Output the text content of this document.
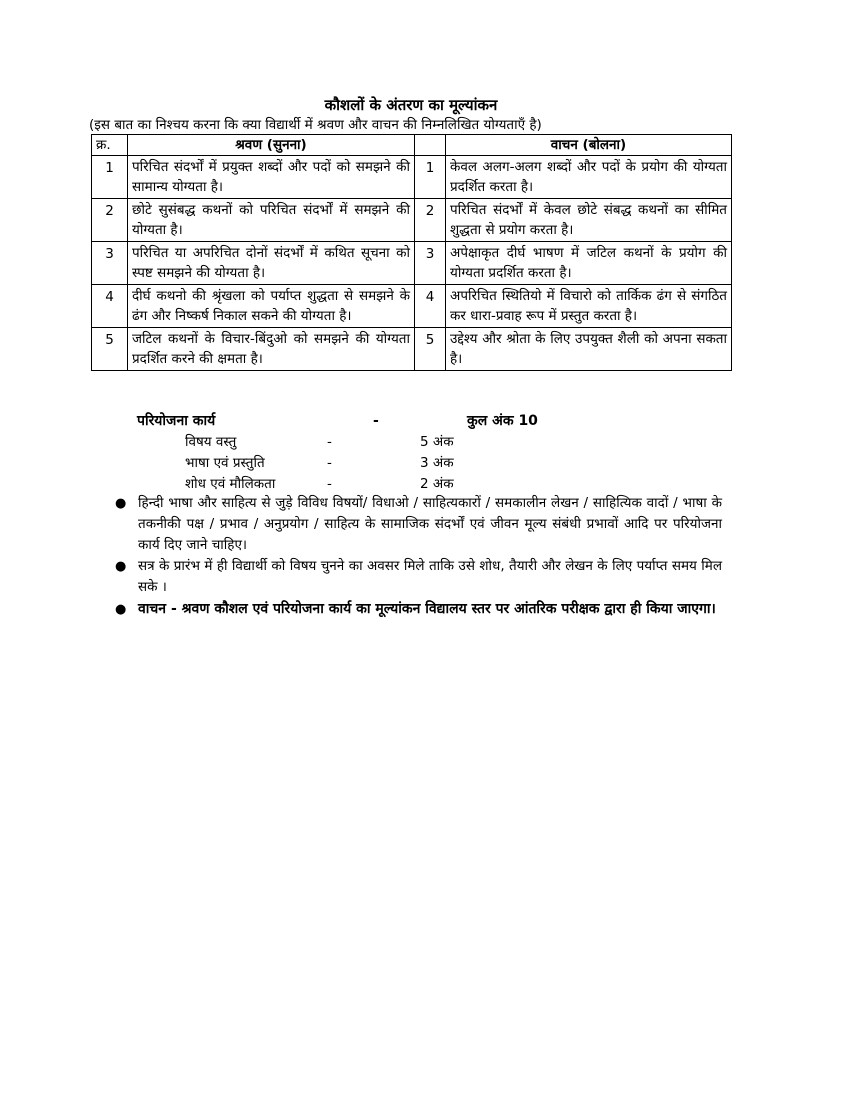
कौशलों के अंतरण का मूल्यांकन

(इस बात का निश्चय करना कि क्या विद्यार्थी में श्रवण और वाचन की निम्नलिखित योग्यताएँ है)

क्र.	श्रवण (सुनना)		वाचन (बोलना)
1	परिचित संदर्भों में प्रयुक्त शब्दों और पदों को समझने की सामान्य योग्यता है।	1	केवल अलग-अलग शब्दों और पदों के प्रयोग की योग्यता प्रदर्शित करता है।
2	छोटे सुसंबद्ध कथनों को परिचित संदर्भों में समझने की योग्यता है।	2	परिचित संदर्भों में केवल छोटे संबद्ध कथनों का सीमित शुद्धता से प्रयोग करता है।
3	परिचित या अपरिचित दोनों संदर्भों में कथित सूचना को स्पष्ट समझने की योग्यता है।	3	अपेक्षाकृत दीर्घ भाषण में जटिल कथनों के प्रयोग की योग्यता प्रदर्शित करता है।
4	दीर्घ कथनो की श्रृंखला को पर्याप्त शुद्धता से समझने के ढंग और निष्कर्ष निकाल सकने की योग्यता है।	4	अपरिचित स्थितियो में विचारो को तार्किक ढंग से संगठित कर धारा-प्रवाह रूप में प्रस्तुत करता है।
5	जटिल कथनों के विचार-बिंदुओ को समझने की योग्यता प्रदर्शित करने की क्षमता है।	5	उद्देश्य और श्रोता के लिए उपयुक्त शैली को अपना सकता है।
परियोजना कार्य	-	कुल अंक 10
विषय वस्तु	-	5 अंक
भाषा एवं प्रस्तुति	-	3 अंक
शोध एवं मौलिकता	-	2 अंक
● हिन्दी भाषा और साहित्य से जुड़े विविध विषयों/ विधाओ / साहित्यकारों / समकालीन लेखन / साहित्यिक वादों / भाषा के तकनीकी पक्ष / प्रभाव / अनुप्रयोग / साहित्य के सामाजिक संदर्भों एवं जीवन मूल्य संबंधी प्रभावों आदि पर परियोजना कार्य दिए जाने चाहिए।
● सत्र के प्रारंभ में ही विद्यार्थी को विषय चुनने का अवसर मिले ताकि उसे शोध, तैयारी और लेखन के लिए पर्याप्त समय मिल सके ।
● वाचन - श्रवण कौशल एवं परियोजना कार्य का मूल्यांकन विद्यालय स्तर पर आंतरिक परीक्षक द्वारा ही किया जाएगा।
